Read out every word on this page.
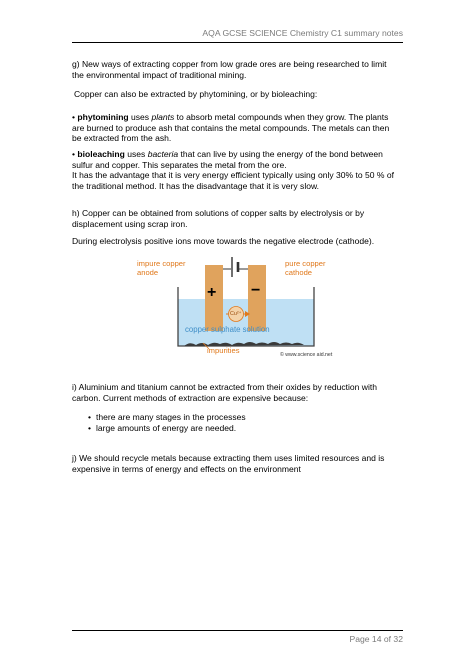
AQA GCSE SCIENCE Chemistry C1 summary notes

g) New ways of extracting copper from low grade ores are being researched to limit
the environmental impact of traditional mining.

Copper can also be extracted by phytomining, or by bioleaching:

• phytomining uses plants to absorb metal compounds when they grow. The plants
are burned to produce ash that contains the metal compounds. The metals can then
be extracted from the ash.

• bioleaching uses bacteria that can live by using the energy of the bond between
sulfur and copper. This separates the metal from the ore.
It has the advantage that it is very energy efficient typically using only 30% to 50 % of
the traditional method. It has the disadvantage that it is very slow.

h) Copper can be obtained from solutions of copper salts by electrolysis or by
displacement using scrap iron.

During electrolysis positive ions move towards the negative electrode (cathode).

impure copper
anode
pure copper
cathode
+ −
Cu²⁺
copper sulphate solution
impurities	© www.science aid.net

i) Aluminium and titanium cannot be extracted from their oxides by reduction with
carbon. Current methods of extraction are expensive because:

• there are many stages in the processes
• large amounts of energy are needed.

j) We should recycle metals because extracting them uses limited resources and is
expensive in terms of energy and effects on the environment

Page 14 of 32
